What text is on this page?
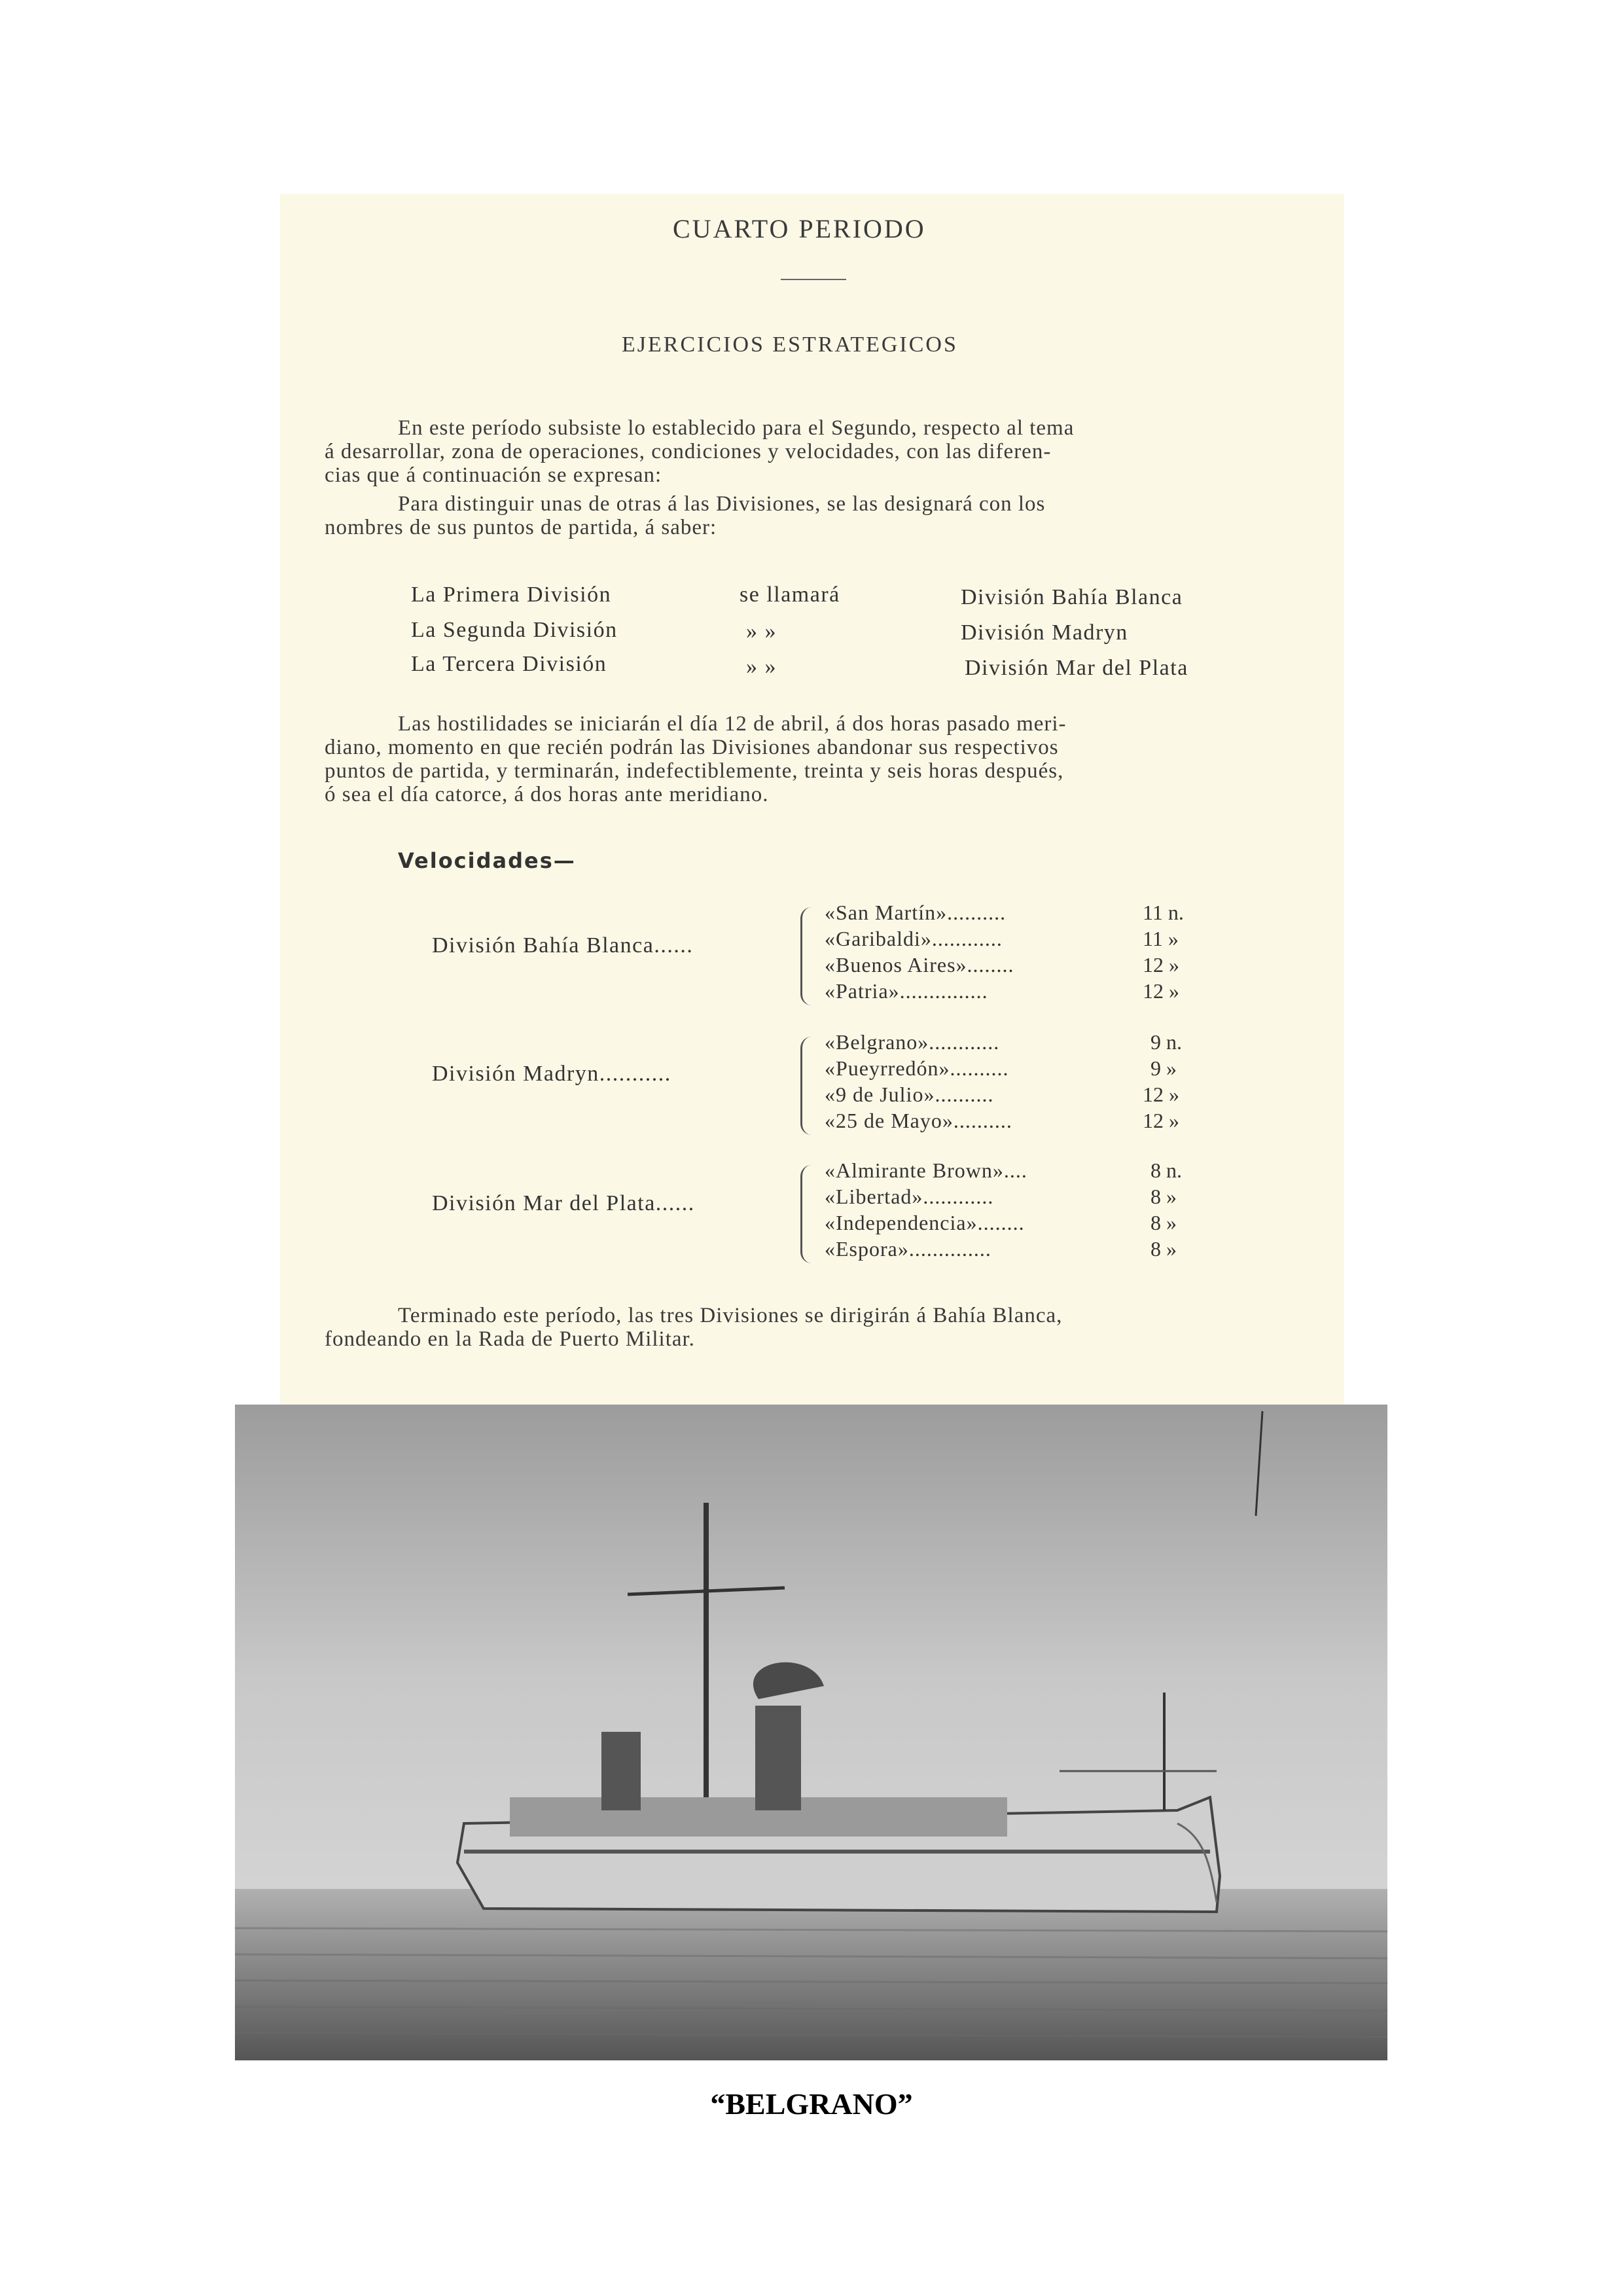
CUARTO PERIODO
EJERCICIOS ESTRATEGICOS
En este período subsiste lo establecido para el Segundo, respecto al tema
á desarrollar, zona de operaciones, condiciones y velocidades, con las diferen-
cias que á continuación se expresan:
Para distinguir unas de otras á las Divisiones, se las designará con los
nombres de sus puntos de partida, á saber:
La Primera División	se llamará	División Bahía Blanca
La Segunda División	» »	División Madryn
La Tercera División	» »	División Mar del Plata
Las hostilidades se iniciarán el día 12 de abril, á dos horas pasado meri-
diano, momento en que recién podrán las Divisiones abandonar sus respectivos
puntos de partida, y terminarán, indefectiblemente, treinta y seis horas después,
ó sea el día catorce, á dos horas ante meridiano.
Velocidades—
División Bahía Blanca......
«San Martín»..........	11 n.
«Garibaldi»............	11 »
«Buenos Aires»........	12 »
«Patria»...............	12 »
División Madryn...........
«Belgrano»............	9 n.
«Pueyrredón»..........	9 »
«9 de Julio»..........	12 »
«25 de Mayo»..........	12 »
División Mar del Plata......
«Almirante Brown»....	8 n.
«Libertad»............	8 »
«Independencia»........	8 »
«Espora»..............	8 »
Terminado este período, las tres Divisiones se dirigirán á Bahía Blanca,
fondeando en la Rada de Puerto Militar.
“BELGRANO”
